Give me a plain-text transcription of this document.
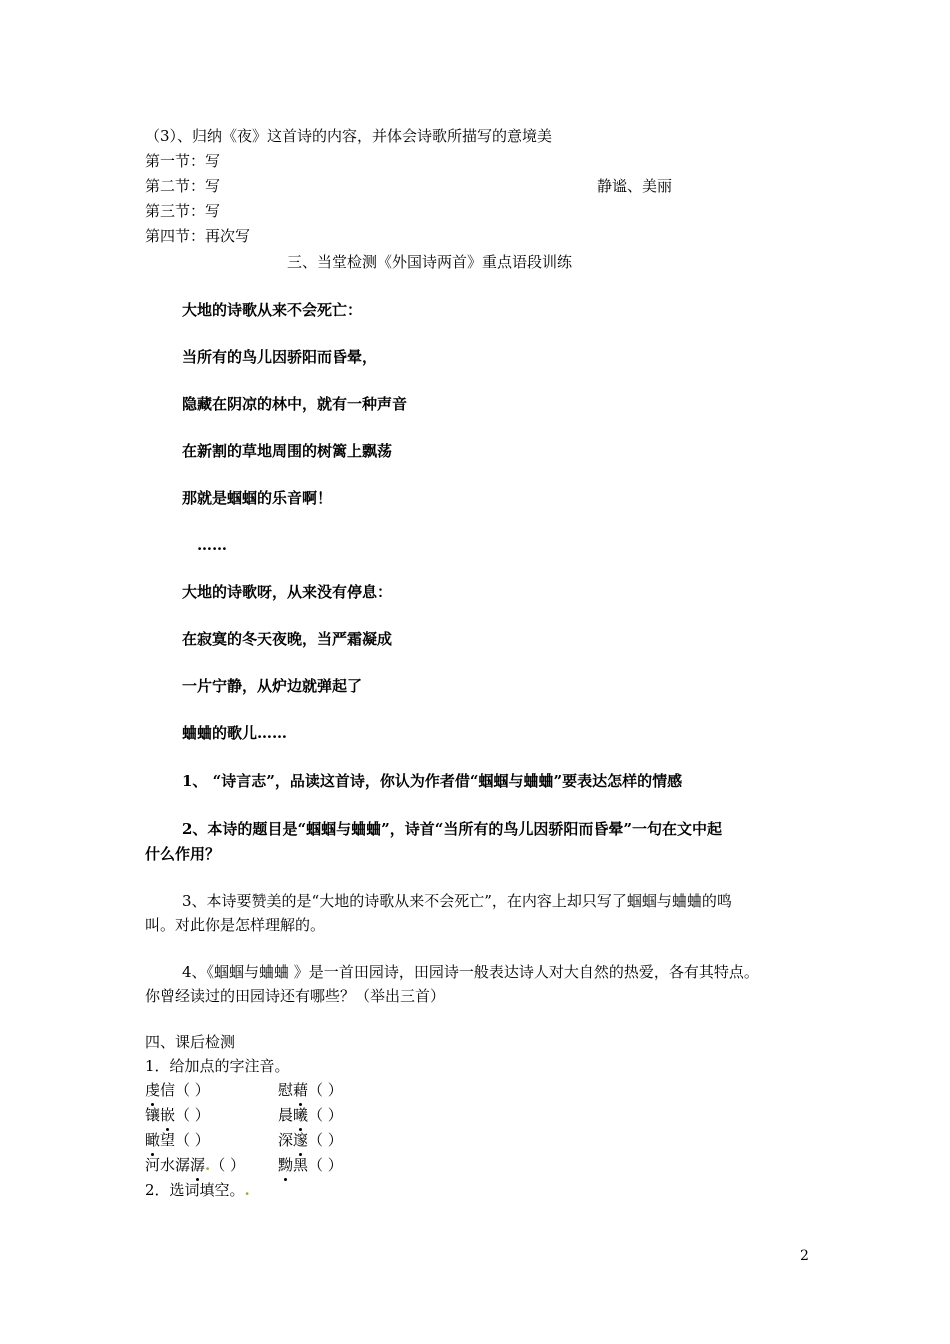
（3）、归纳《夜》这首诗的内容，并体会诗歌所描写的意境美
第一节：写
第二节：写	静谧、美丽
第三节：写
第四节：再次写
三、当堂检测《外国诗两首》重点语段训练
大地的诗歌从来不会死亡：
当所有的鸟儿因骄阳而昏晕，
隐藏在阴凉的林中，就有一种声音
在新割的草地周围的树篱上飘荡
那就是蝈蝈的乐音啊！
……
大地的诗歌呀，从来没有停息：
在寂寞的冬天夜晚，当严霜凝成
一片宁静，从炉边就弹起了
蛐蛐的歌儿……
1、 “诗言志”，品读这首诗，你认为作者借“蝈蝈与蛐蛐”要表达怎样的情感
2、本诗的题目是“蝈蝈与蛐蛐”，诗首“当所有的鸟儿因骄阳而昏晕”一句在文中起
什么作用？
3、本诗要赞美的是“大地的诗歌从来不会死亡”，在内容上却只写了蝈蝈与蛐蛐的鸣
叫。对此你是怎样理解的。
4、《蝈蝈与蛐蛐 》是一首田园诗，田园诗一般表达诗人对大自然的热爱，各有其特点。
你曾经读过的田园诗还有哪些？（举出三首）
四、课后检测
1．给加点的字注音。
虔信（ ）	慰藉（ ）
镶嵌（ ）	晨曦（ ）
瞰望（ ）	深邃（ ）
河水潺潺.（ ） 黝黑（ ）
2．选词填空。.
2
